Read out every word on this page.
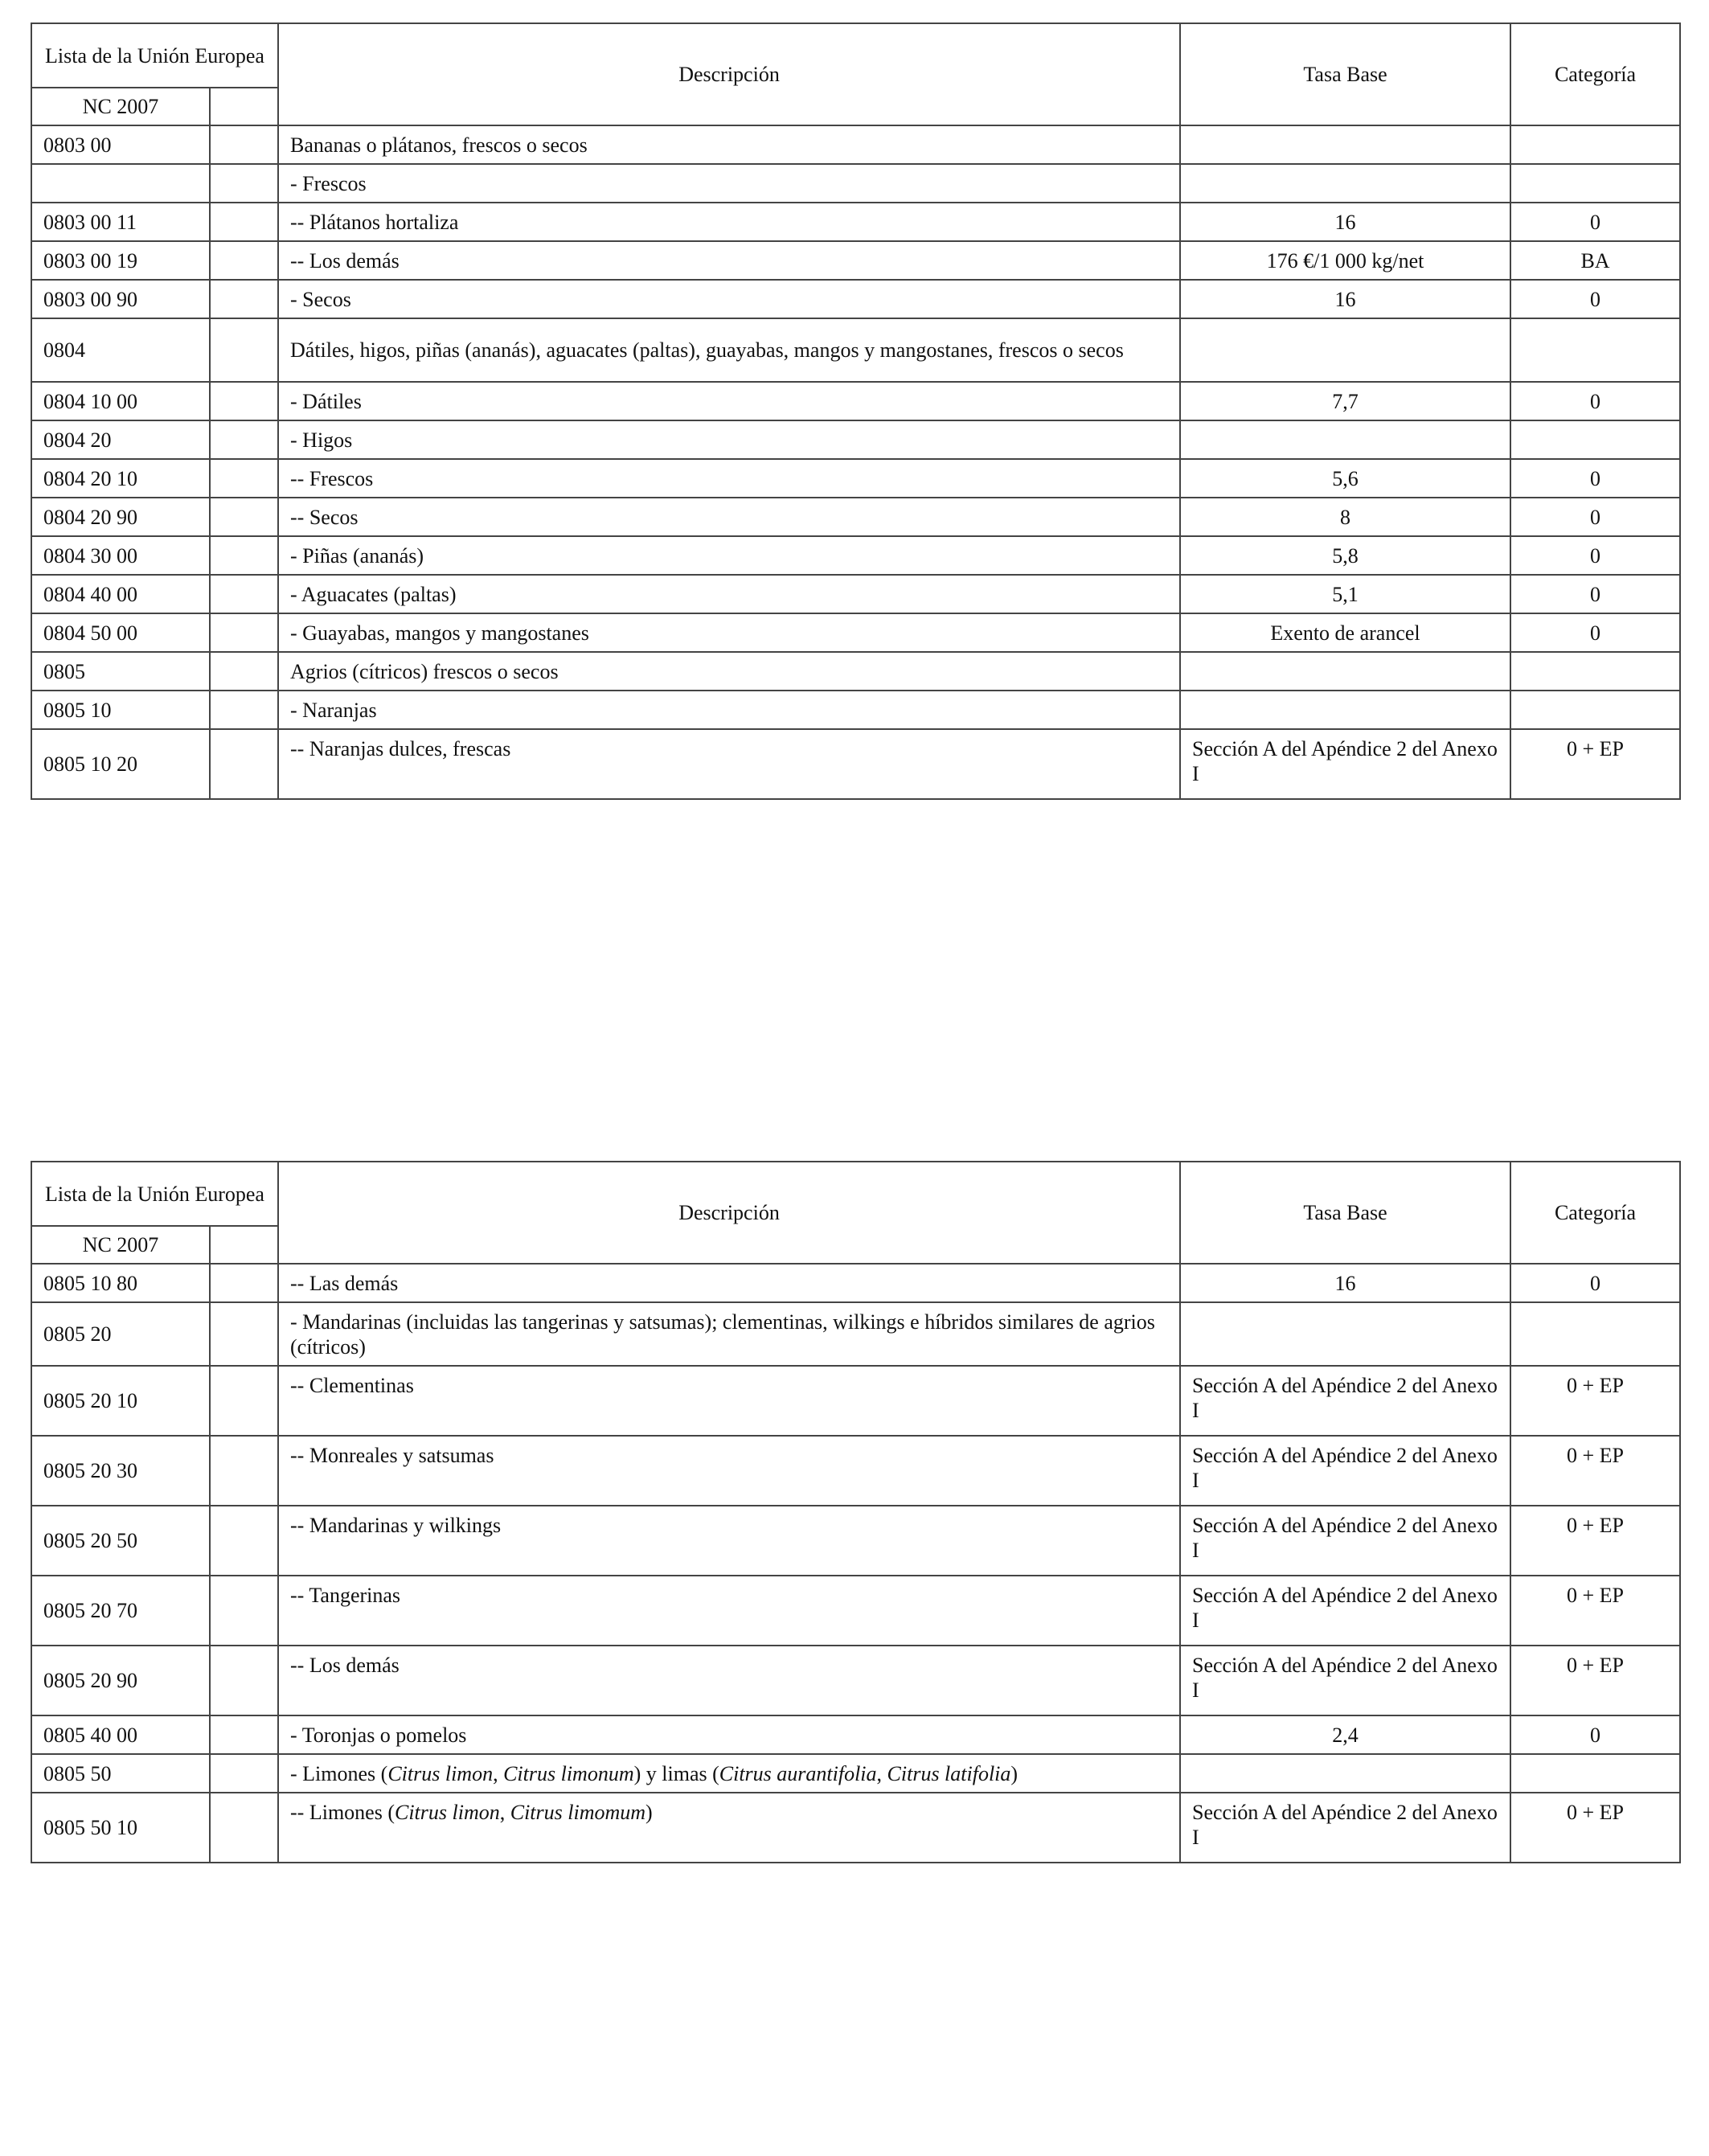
Lista de la Unión Europea		Descripción	Tasa Base	Categoría
NC 2007				
0803 00		Bananas o plátanos, frescos o secos		
		- Frescos		
0803 00 11		-- Plátanos hortaliza	16	0
0803 00 19		-- Los demás	176 €/1 000 kg/net	BA
0803 00 90		- Secos	16	0
0804		Dátiles, higos, piñas (ananás), aguacates (paltas), guayabas, mangos y mangostanes, frescos o secos		
0804 10 00		- Dátiles	7,7	0
0804 20		- Higos		
0804 20 10		-- Frescos	5,6	0
0804 20 90		-- Secos	8	0
0804 30 00		- Piñas (ananás)	5,8	0
0804 40 00		- Aguacates (paltas)	5,1	0
0804 50 00		- Guayabas, mangos y mangostanes	Exento de arancel	0
0805		Agrios (cítricos) frescos o secos		
0805 10		- Naranjas		
0805 10 20		-- Naranjas dulces, frescas	Sección A del Apéndice 2 del Anexo I	0 + EP
Lista de la Unión Europea		Descripción	Tasa Base	Categoría
NC 2007				
0805 10 80		-- Las demás	16	0
0805 20		- Mandarinas (incluidas las tangerinas y satsumas); clementinas, wilkings e híbridos similares de agrios (cítricos)		
0805 20 10		-- Clementinas	Sección A del Apéndice 2 del Anexo I	0 + EP
0805 20 30		-- Monreales y satsumas	Sección A del Apéndice 2 del Anexo I	0 + EP
0805 20 50		-- Mandarinas y wilkings	Sección A del Apéndice 2 del Anexo I	0 + EP
0805 20 70		-- Tangerinas	Sección A del Apéndice 2 del Anexo I	0 + EP
0805 20 90		-- Los demás	Sección A del Apéndice 2 del Anexo I	0 + EP
0805 40 00		- Toronjas o pomelos	2,4	0
0805 50		- Limones (Citrus limon, Citrus limonum) y limas (Citrus aurantifolia, Citrus latifolia)		
0805 50 10		-- Limones (Citrus limon, Citrus limomum)	Sección A del Apéndice 2 del Anexo I	0 + EP
